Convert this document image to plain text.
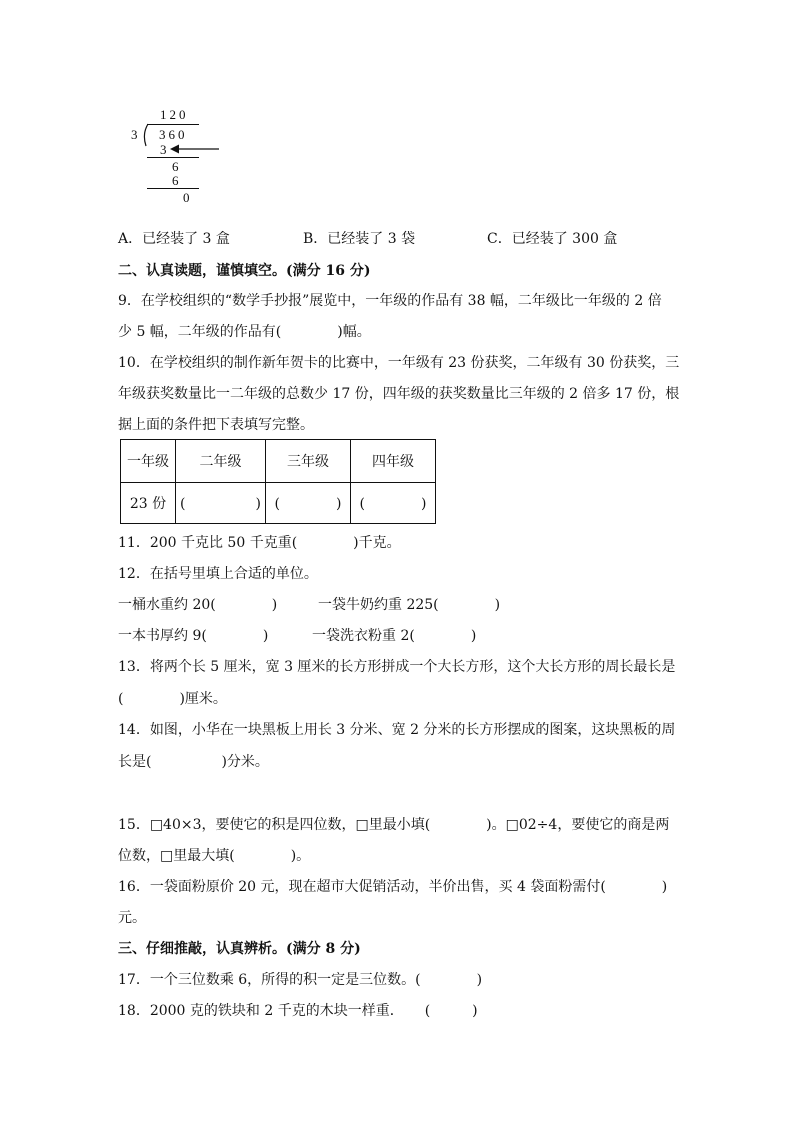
120
3 360
3
6
6
0
A．已经装了 3 盒	B．已经装了 3 袋	C．已经装了 300 盒
二、认真读题，谨慎填空。(满分 16 分)
9．在学校组织的“数学手抄报”展览中，一年级的作品有 38 幅，二年级比一年级的 2 倍
少 5 幅，二年级的作品有(　　　　)幅。
10．在学校组织的制作新年贺卡的比赛中，一年级有 23 份获奖，二年级有 30 份获奖，三
年级获奖数量比一二年级的总数少 17 份，四年级的获奖数量比三年级的 2 倍多 17 份，根
据上面的条件把下表填写完整。
一年级	二年级	三年级	四年级
23 份	(　　　　　)	(　　　　)	(　　　　)
11．200 千克比 50 千克重(　　　　)千克。
12．在括号里填上合适的单位。
一桶水重约 20(　　　　)	一袋牛奶约重 225(　　　　)
一本书厚约 9(　　　　)	一袋洗衣粉重 2(　　　　)
13．将两个长 5 厘米，宽 3 厘米的长方形拼成一个大长方形，这个大长方形的周长最长是
(　　　　)厘米。
14．如图，小华在一块黑板上用长 3 分米、宽 2 分米的长方形摆成的图案，这块黑板的周
长是(　　　　　)分米。
15．□40×3，要使它的积是四位数，□里最小填(　　　　)。□02÷4，要使它的商是两
位数，□里最大填(　　　　)。
16．一袋面粉原价 20 元，现在超市大促销活动，半价出售，买 4 袋面粉需付(　　　　)
元。
三、仔细推敲，认真辨析。(满分 8 分)
17．一个三位数乘 6，所得的积一定是三位数。(　　　　)
18．2000 克的铁块和 2 千克的木块一样重．　　(　　　)
